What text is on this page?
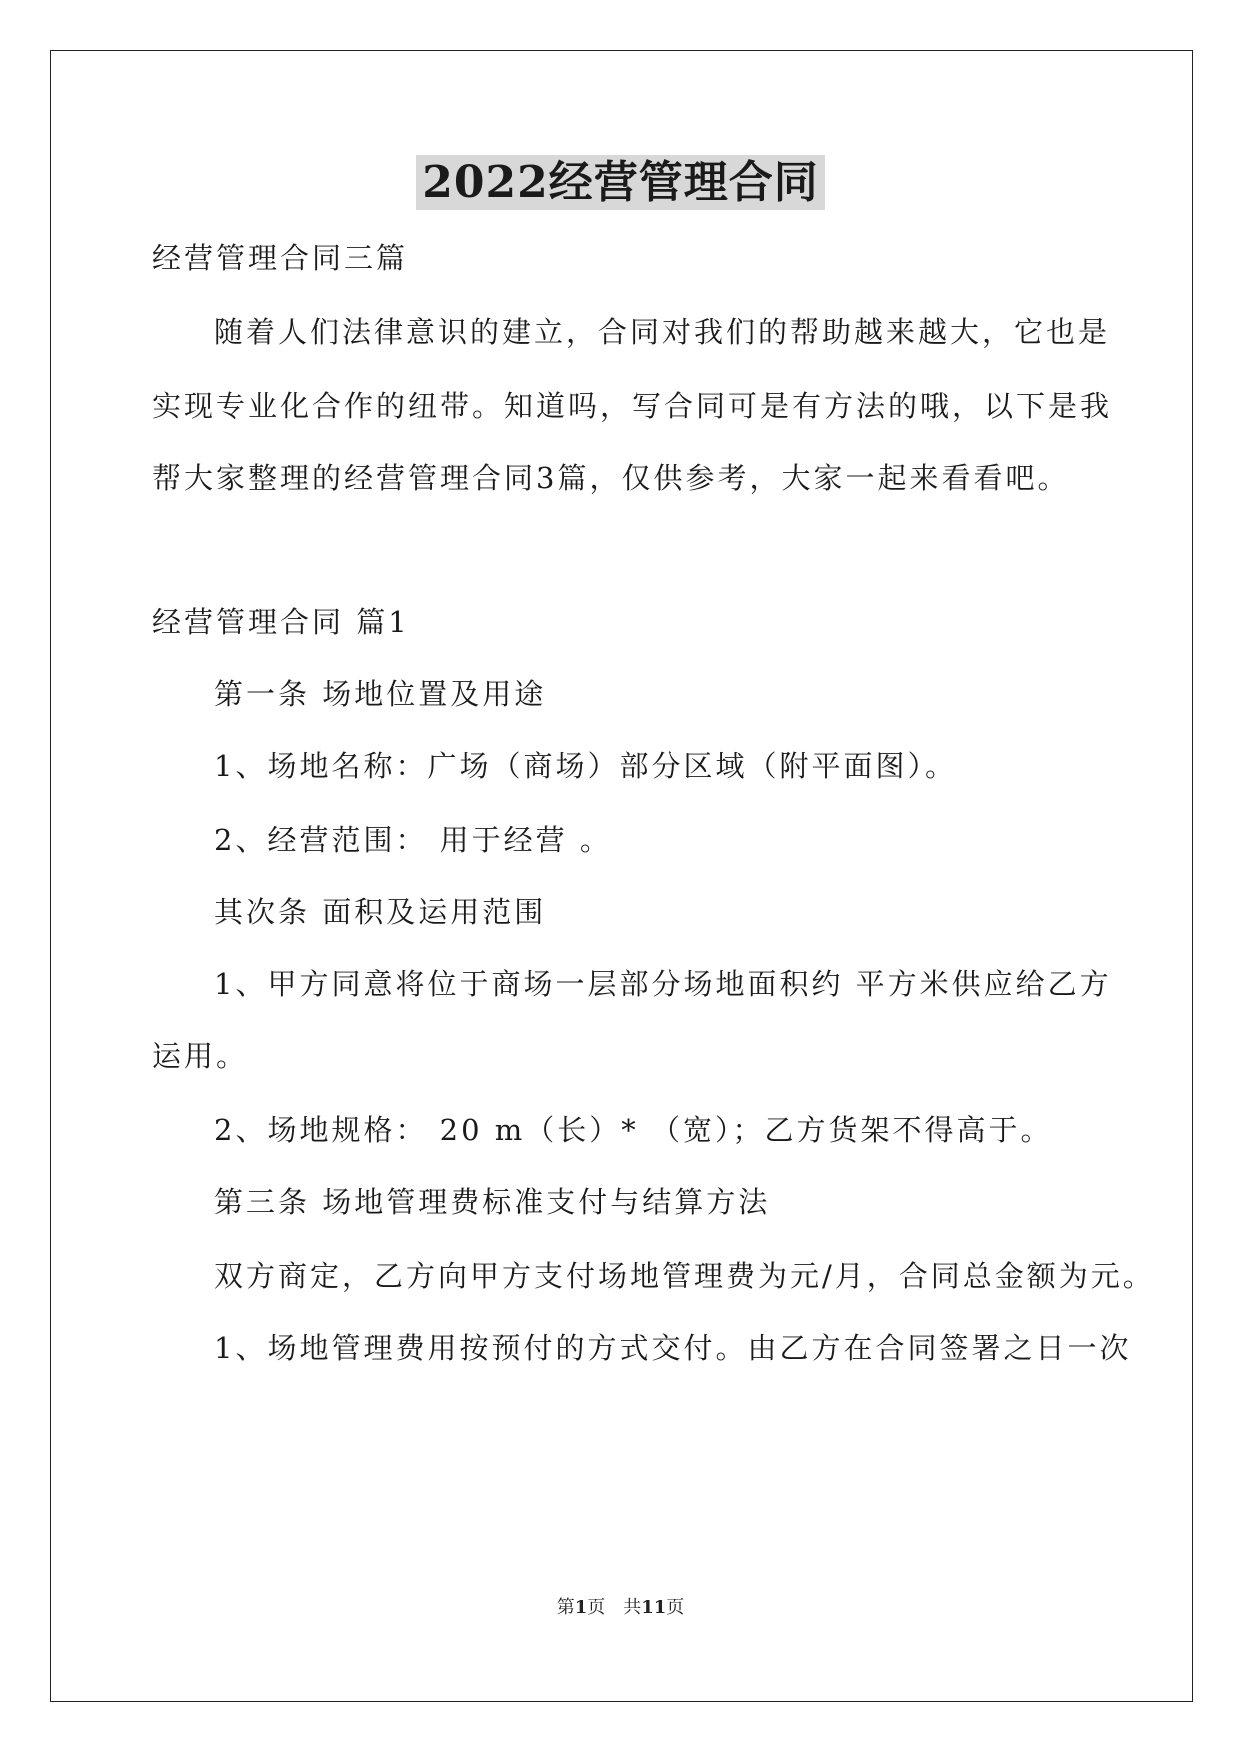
2022经营管理合同
经营管理合同三篇
随着人们法律意识的建立，合同对我们的帮助越来越大，它也是
实现专业化合作的纽带。知道吗，写合同可是有方法的哦，以下是我
帮大家整理的经营管理合同3篇，仅供参考，大家一起来看看吧。
经营管理合同 篇1
第一条 场地位置及用途
1、场地名称：广场（商场）部分区域（附平面图）。
2、经营范围： 用于经营 。
其次条 面积及运用范围
1、甲方同意将位于商场一层部分场地面积约 平方米供应给乙方
运用。
2、场地规格： 20 m（长）* （宽）；乙方货架不得高于。
第三条 场地管理费标准支付与结算方法
双方商定，乙方向甲方支付场地管理费为元/月，合同总金额为元。
1、场地管理费用按预付的方式交付。由乙方在合同签署之日一次
第1页　共11页
